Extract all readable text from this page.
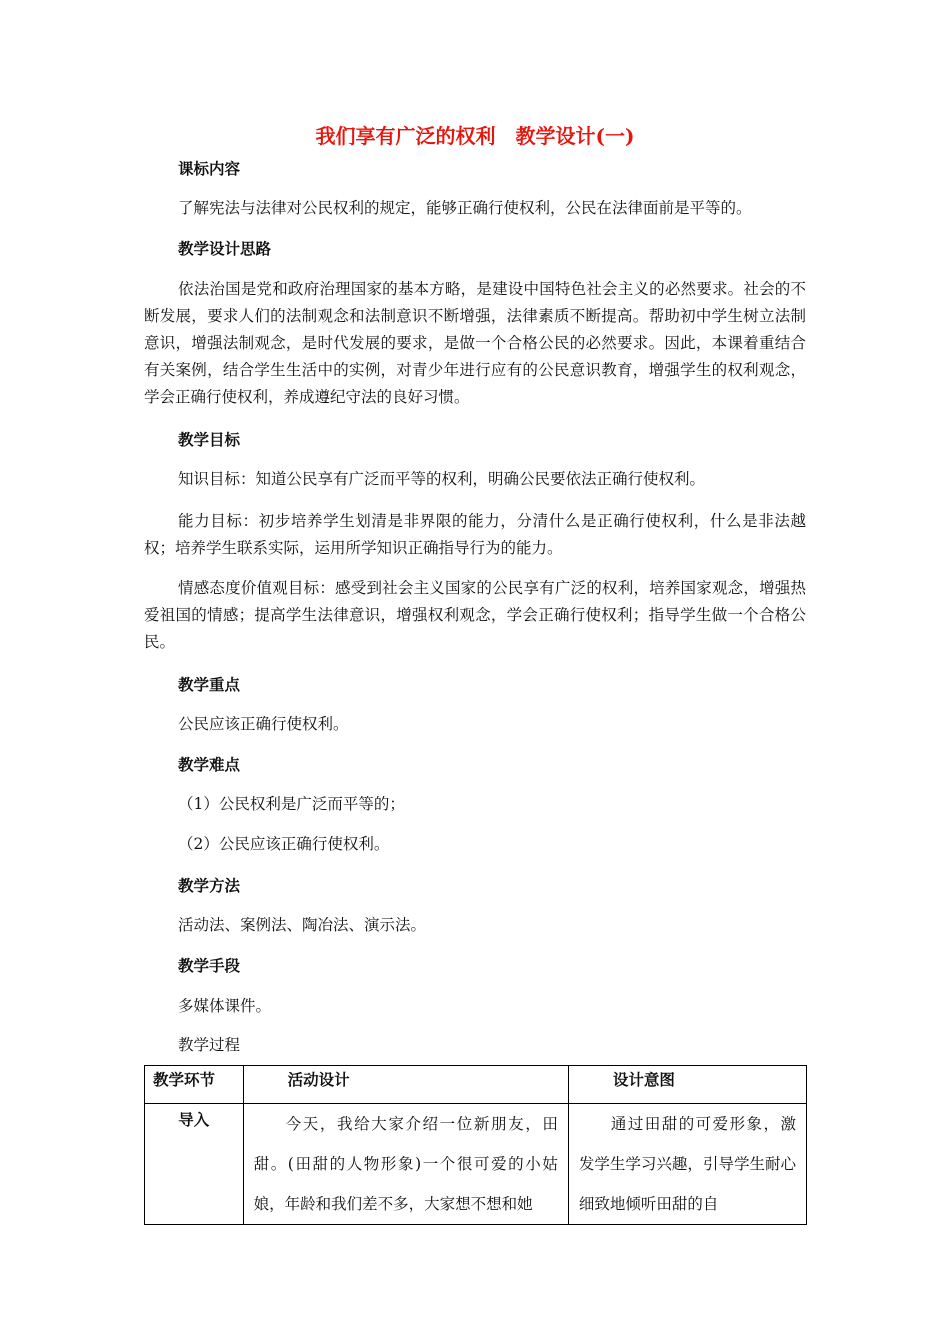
我们享有广泛的权利　教学设计(一)

课标内容

了解宪法与法律对公民权利的规定，能够正确行使权利，公民在法律面前是平等的。

教学设计思路

依法治国是党和政府治理国家的基本方略，是建设中国特色社会主义的必然要求。社会的不断发展，要求人们的法制观念和法制意识不断增强，法律素质不断提高。帮助初中学生树立法制意识，增强法制观念，是时代发展的要求，是做一个合格公民的必然要求。因此，本课着重结合有关案例，结合学生生活中的实例，对青少年进行应有的公民意识教育，增强学生的权利观念，学会正确行使权利，养成遵纪守法的良好习惯。

教学目标

知识目标：知道公民享有广泛而平等的权利，明确公民要依法正确行使权利。

能力目标：初步培养学生划清是非界限的能力，分清什么是正确行使权利，什么是非法越权；培养学生联系实际，运用所学知识正确指导行为的能力。

情感态度价值观目标：感受到社会主义国家的公民享有广泛的权利，培养国家观念，增强热爱祖国的情感；提高学生法律意识，增强权利观念，学会正确行使权利；指导学生做一个合格公民。

教学重点

公民应该正确行使权利。

教学难点

（1）公民权利是广泛而平等的；

（2）公民应该正确行使权利。

教学方法

活动法、案例法、陶冶法、演示法。

教学手段

多媒体课件。

教学过程

教学环节	活动设计	设计意图
导入	今天，我给大家介绍一位新朋友，田甜。(田甜的人物形象)一个很可爱的小姑娘，年龄和我们差不多，大家想不想和她	通过田甜的可爱形象，激发学生学习兴趣，引导学生耐心细致地倾听田甜的自
